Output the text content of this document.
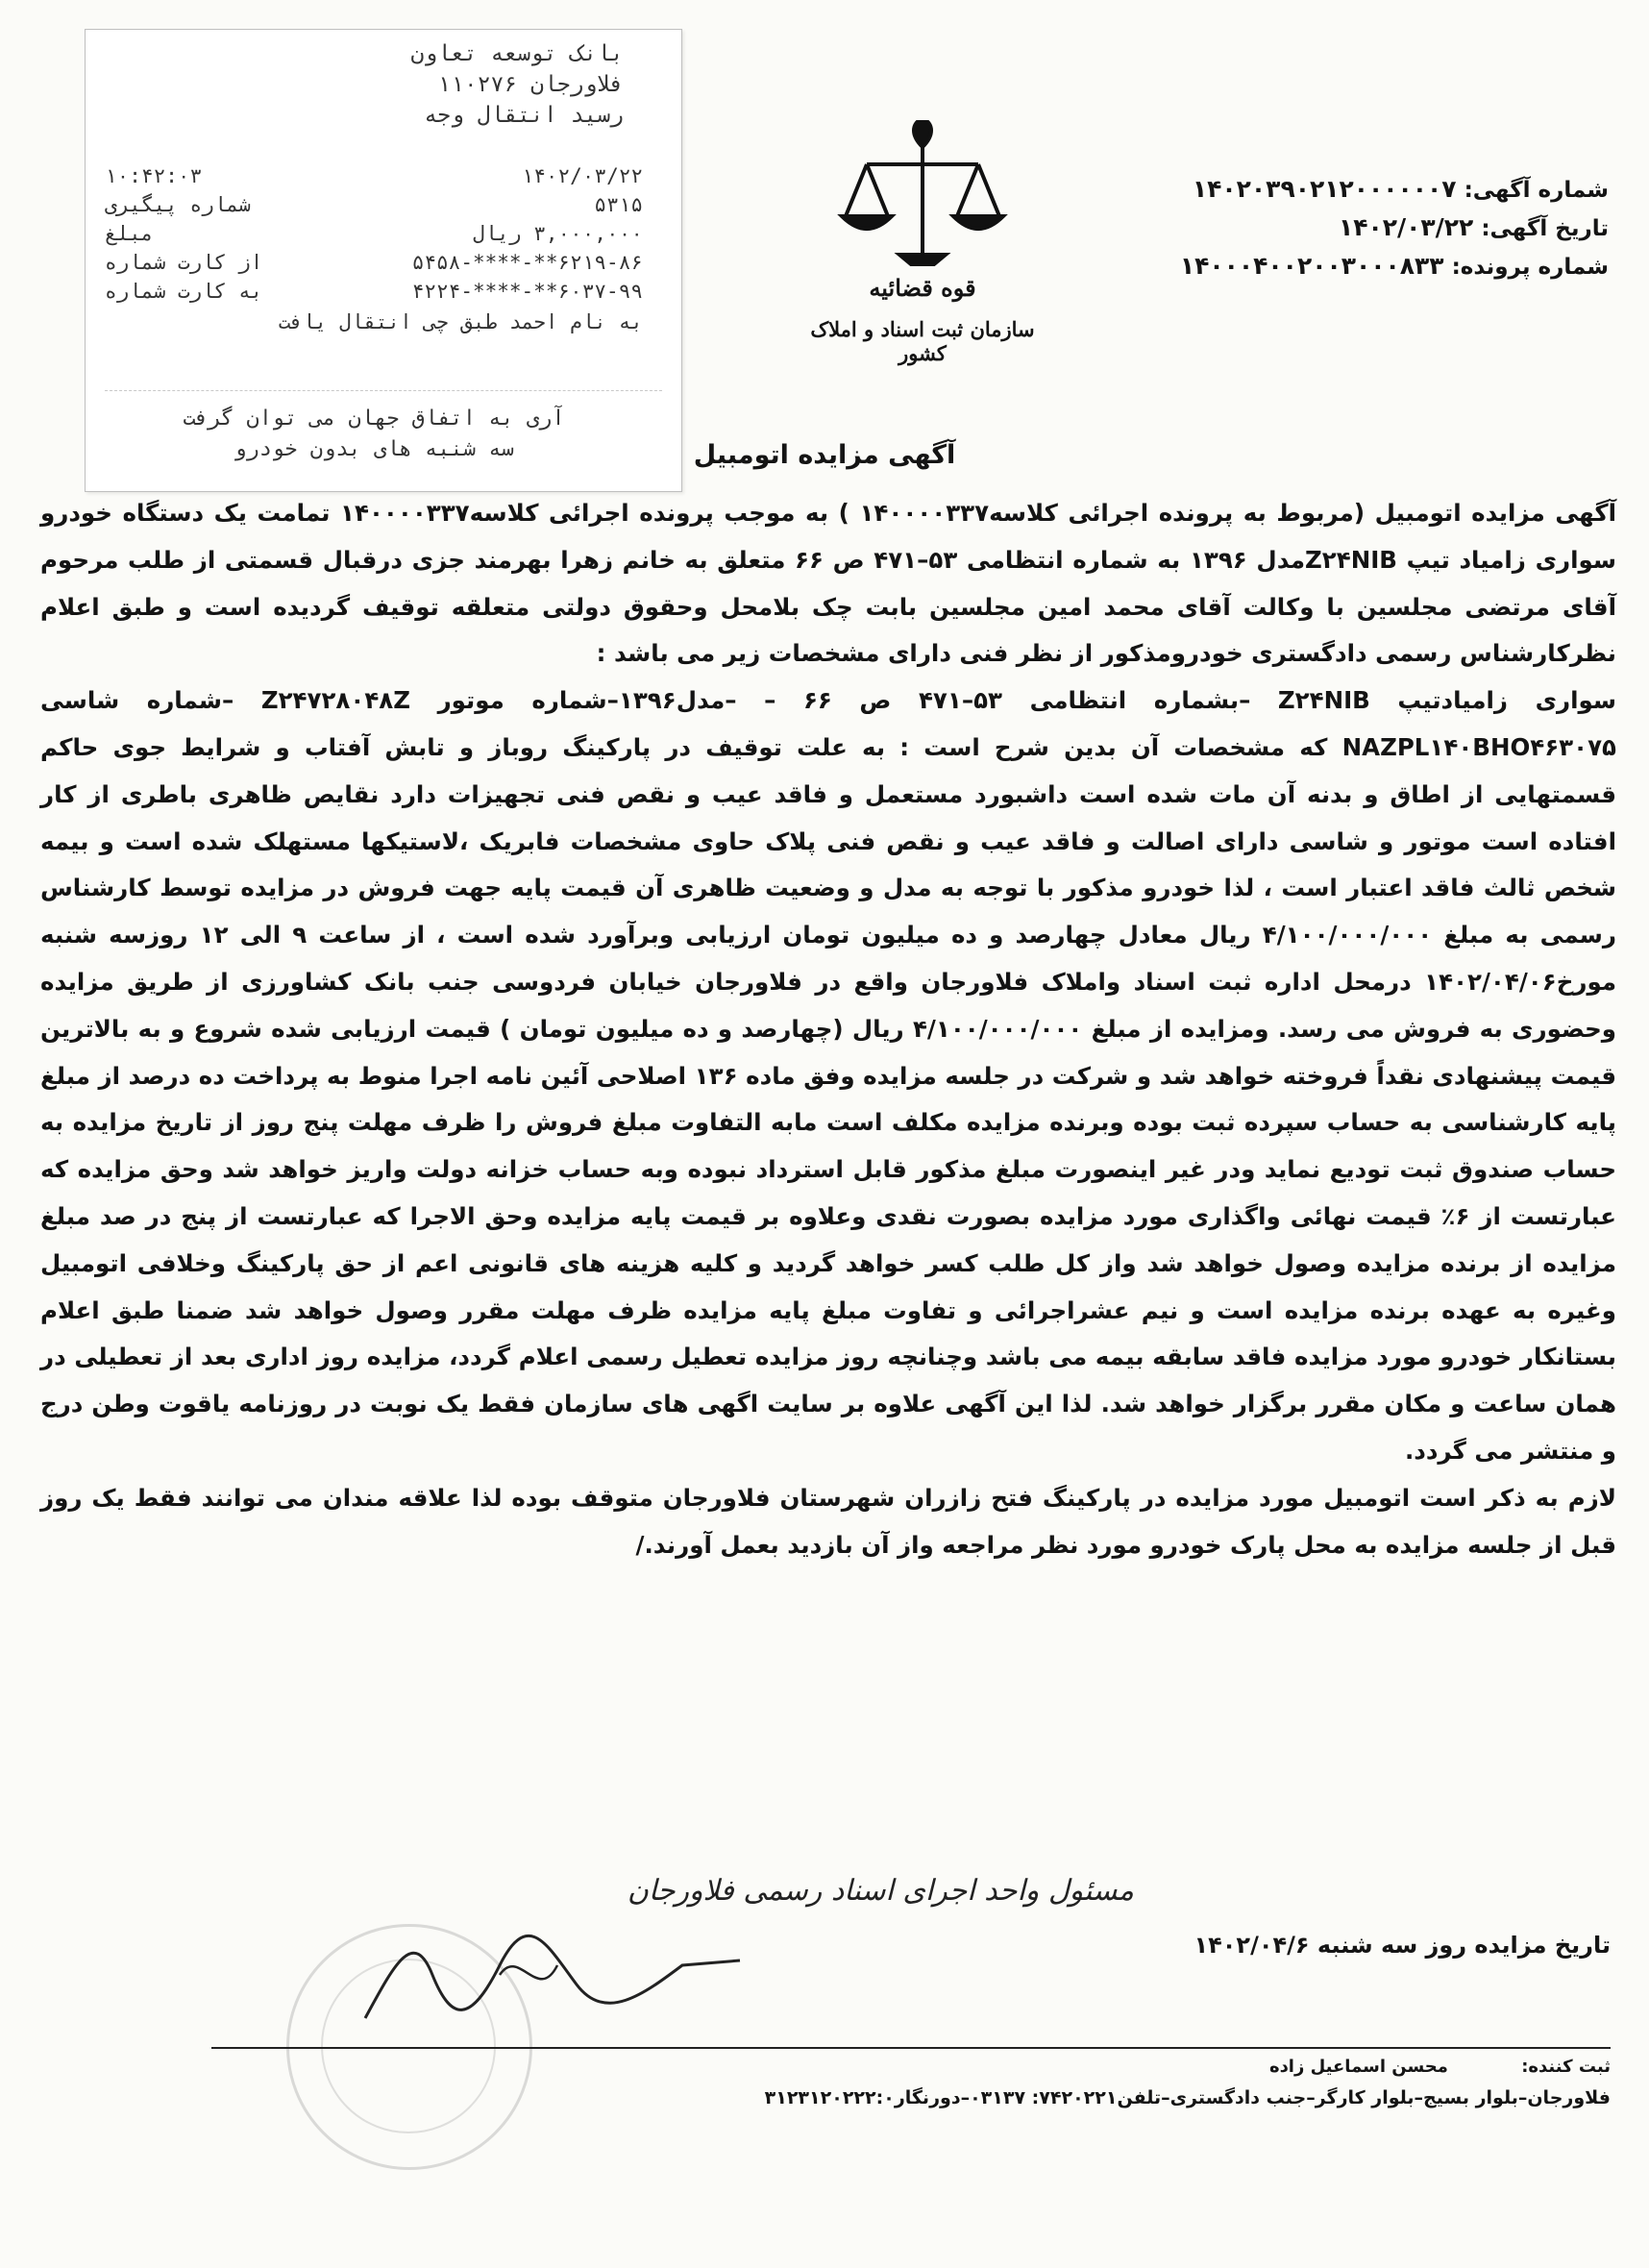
بانک توسعه تعاون
فلاورجان ۱۱۰۲۷۶
رسید انتقال وجه
۱۴۰۲/۰۳/۲۲
۱۰:۴۲:۰۳
۵۳۱۵
شماره پیگیری
۳,۰۰۰,۰۰۰ ریال
مبلغ
۶۲۱۹-۸۶**-****-۵۴۵۸
از کارت شماره
۶۰۳۷-۹۹**-****-۴۲۲۴
به کارت شماره
به نام احمد طبق چی انتقال یافت
آری به اتفاق جهان می توان گرفت
سه شنبه های بدون خودرو
قوه قضائیه
سازمان ثبت اسناد و املاک کشور
شماره آگهی: ۱۴۰۲۰۳۹۰۲۱۲۰۰۰۰۰۰۷
تاریخ آگهی: ۱۴۰۲/۰۳/۲۲
شماره پرونده: ۱۴۰۰۰۴۰۰۲۰۰۳۰۰۰۸۳۳
آگهی مزایده اتومبیل

آگهی مزایده اتومبیل (مربوط به پرونده اجرائی کلاسه۱۴۰۰۰۰۳۳۷ ) به موجب پرونده اجرائی کلاسه۱۴۰۰۰۰۳۳۷ تمامت یک دستگاه خودرو سواری زامیاد تیپ Z۲۴NIBمدل ۱۳۹۶ به شماره انتظامی ۵۳–۴۷۱ ص ۶۶ متعلق به خانم زهرا بهرمند جزی درقبال قسمتی از طلب مرحوم آقای مرتضی مجلسین با وکالت آقای محمد امین مجلسین بابت چک بلامحل وحقوق دولتی متعلقه توقیف گردیده است و طبق اعلام نظرکارشناس رسمی دادگستری خودرومذکور از نظر فنی دارای مشخصات زیر می باشد :

سواری زامیادتیپ Z۲۴NIB –بشماره انتظامی ۵۳–۴۷۱ ص ۶۶ – –مدل۱۳۹۶–شماره موتور Z۲۴۷۲۸۰۴۸Z –شماره شاسی NAZPL۱۴۰BHO۴۶۳۰۷۵ که مشخصات آن بدین شرح است : به علت توقیف در پارکینگ روباز و تابش آفتاب و شرایط جوی حاکم قسمتهایی از اطاق و بدنه آن مات شده است داشبورد مستعمل و فاقد عیب و نقص فنی تجهیزات دارد نقایص ظاهری باطری از کار افتاده است موتور و شاسی دارای اصالت و فاقد عیب و نقص فنی پلاک حاوی مشخصات فابریک ،لاستیکها مستهلک شده است و بیمه شخص ثالث فاقد اعتبار است ، لذا خودرو مذکور با توجه به مدل و وضعیت ظاهری آن قیمت پایه جهت فروش در مزایده توسط کارشناس رسمی به مبلغ ۴/۱۰۰/۰۰۰/۰۰۰ ریال معادل چهارصد و ده میلیون تومان ارزیابی وبرآورد شده است ، از ساعت ۹ الی ۱۲ روزسه شنبه مورخ۱۴۰۲/۰۴/۰۶ درمحل اداره ثبت اسناد واملاک فلاورجان واقع در فلاورجان خیابان فردوسی جنب بانک کشاورزی از طریق مزایده وحضوری به فروش می رسد. ومزایده از مبلغ ۴/۱۰۰/۰۰۰/۰۰۰ ریال (چهارصد و ده میلیون تومان ) قیمت ارزیابی شده شروع و به بالاترین قیمت پیشنهادی نقداً فروخته خواهد شد و شرکت در جلسه مزایده وفق ماده ۱۳۶ اصلاحی آئین نامه اجرا منوط به پرداخت ده درصد از مبلغ پایه کارشناسی به حساب سپرده ثبت بوده وبرنده مزایده مکلف است مابه التفاوت مبلغ فروش را ظرف مهلت پنج روز از تاریخ مزایده به حساب صندوق ثبت تودیع نماید ودر غیر اینصورت مبلغ مذکور قابل استرداد نبوده وبه حساب خزانه دولت واریز خواهد شد وحق مزایده که عبارتست از ۶٪ قیمت نهائی واگذاری مورد مزایده بصورت نقدی وعلاوه بر قیمت پایه مزایده وحق الاجرا که عبارتست از پنج در صد مبلغ مزایده از برنده مزایده وصول خواهد شد واز کل طلب کسر خواهد گردید و کلیه هزینه های قانونی اعم از حق پارکینگ وخلافی اتومبیل وغیره به عهده برنده مزایده است و نیم عشراجرائی و تفاوت مبلغ پایه مزایده ظرف مهلت مقرر وصول خواهد شد ضمنا طبق اعلام بستانکار خودرو مورد مزایده فاقد سابقه بیمه می باشد وچنانچه روز مزایده تعطیل رسمی اعلام گردد، مزایده روز اداری بعد از تعطیلی در همان ساعت و مکان مقرر برگزار خواهد شد. لذا این آگهی علاوه بر سایت اگهی های سازمان فقط یک نوبت در روزنامه یاقوت وطن درج و منتشر می گردد.

لازم به ذکر است اتومبیل مورد مزایده در پارکینگ فتح زازران شهرستان فلاورجان متوقف بوده لذا علاقه مندان می توانند فقط یک روز قبل از جلسه مزایده به محل پارک خودرو مورد نظر مراجعه واز آن بازدید بعمل آورند./

مسئول واحد اجرای اسناد رسمی فلاورجان
تاریخ مزایده روز سه شنبه ۱۴۰۲/۰۴/۶
ثبت کننده: محسن اسماعیل زاده
فلاورجان–بلوار بسیج–بلوار کارگر–جنب دادگستری–تلفن۷۴۲۰۲۲۱: ۰۳۱۳۷–دورنگار۳۱۲۳۱۲۰۲۲۲:۰
